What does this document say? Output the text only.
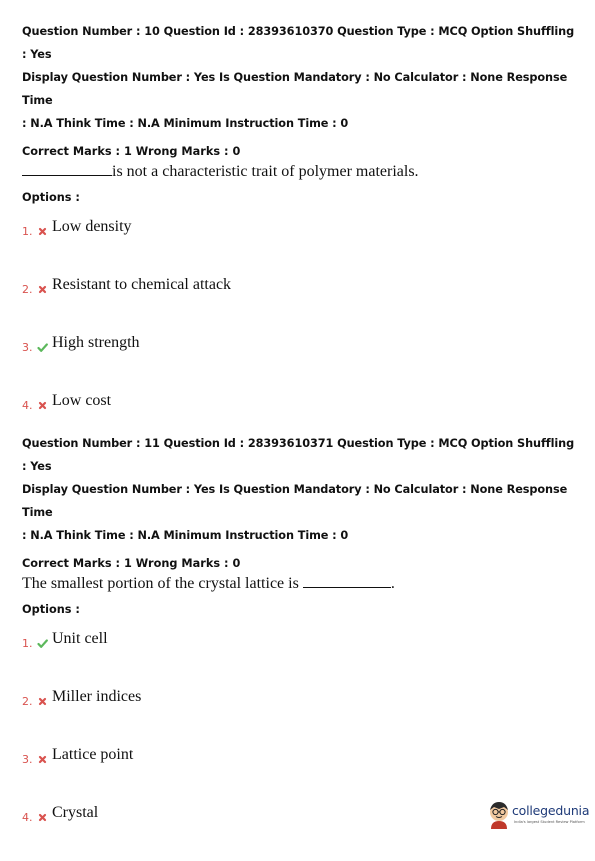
Question Number : 10 Question Id : 28393610370 Question Type : MCQ Option Shuffling : Yes
Display Question Number : Yes Is Question Mandatory : No Calculator : None Response Time
: N.A Think Time : N.A Minimum Instruction Time : 0
Correct Marks : 1 Wrong Marks : 0
is not a characteristic trait of polymer materials.
Options :
1. Low density
2. Resistant to chemical attack
3. High strength
4. Low cost
Question Number : 11 Question Id : 28393610371 Question Type : MCQ Option Shuffling : Yes
Display Question Number : Yes Is Question Mandatory : No Calculator : None Response Time
: N.A Think Time : N.A Minimum Instruction Time : 0
Correct Marks : 1 Wrong Marks : 0
The smallest portion of the crystal lattice is	.
Options :
1. Unit cell
2. Miller indices
3. Lattice point
4. Crystal	collegedunia
India's largest Student Review Platform
